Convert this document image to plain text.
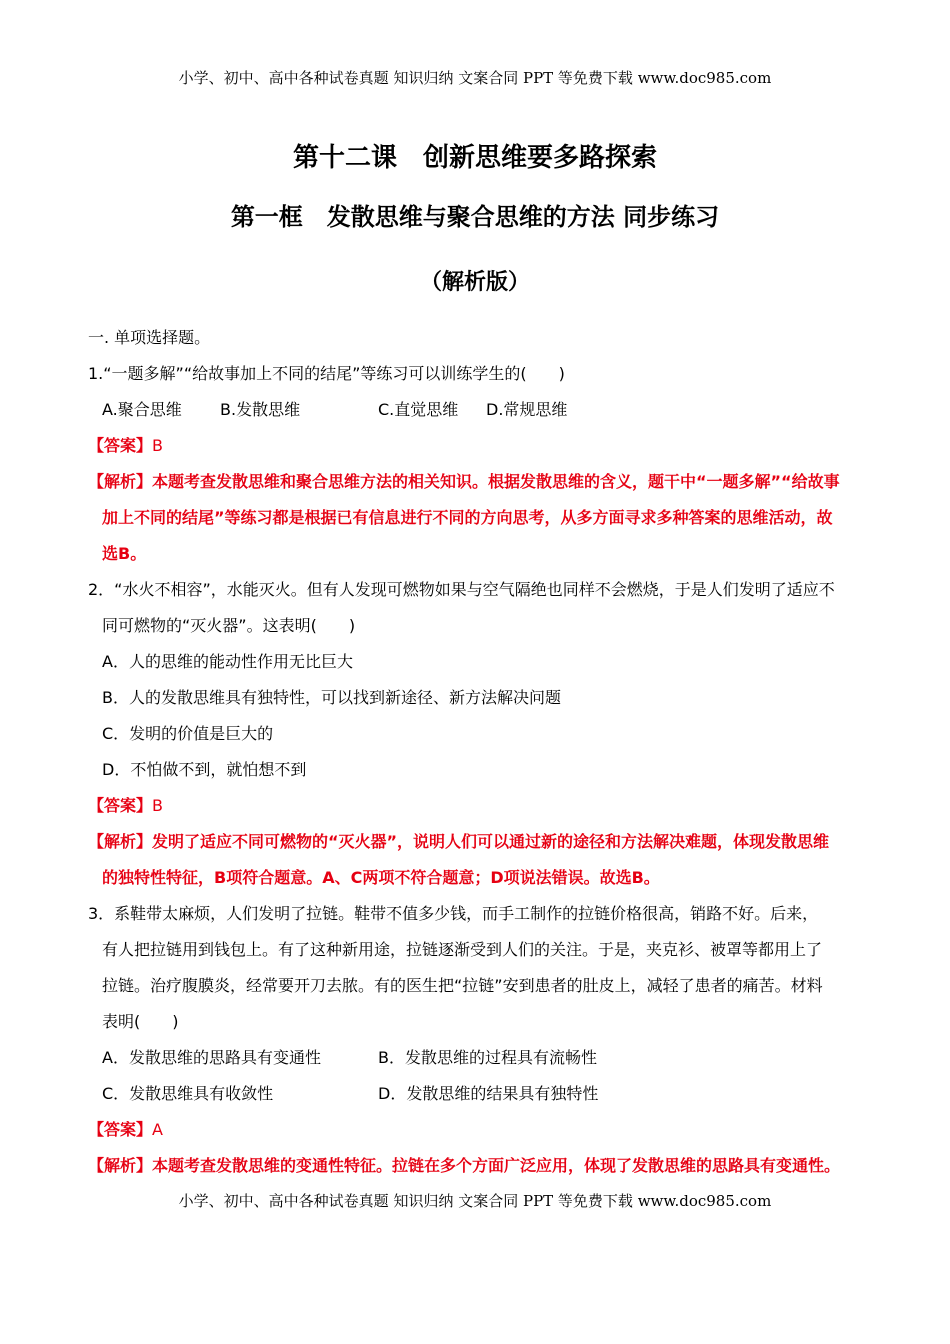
小学、初中、高中各种试卷真题 知识归纳 文案合同 PPT 等免费下载 www.doc985.com
第十二课　创新思维要多路探索
第一框　发散思维与聚合思维的方法 同步练习
（解析版）
一. 单项选择题。
1.“一题多解”“给故事加上不同的结尾”等练习可以训练学生的(　　)
A.聚合思维	B.发散思维	C.直觉思维	D.常规思维
【答案】B
【解析】本题考查发散思维和聚合思维方法的相关知识。根据发散思维的含义，题干中“一题多解”“给故事
加上不同的结尾”等练习都是根据已有信息进行不同的方向思考，从多方面寻求多种答案的思维活动，故
选B。
2．“水火不相容”，水能灭火。但有人发现可燃物如果与空气隔绝也同样不会燃烧，于是人们发明了适应不
同可燃物的“灭火器”。这表明(　　)
A．人的思维的能动性作用无比巨大
B．人的发散思维具有独特性，可以找到新途径、新方法解决问题
C．发明的价值是巨大的
D．不怕做不到，就怕想不到
【答案】B
【解析】发明了适应不同可燃物的“灭火器”，说明人们可以通过新的途径和方法解决难题，体现发散思维
的独特性特征，B项符合题意。A、C两项不符合题意；D项说法错误。故选B。
3．系鞋带太麻烦，人们发明了拉链。鞋带不值多少钱，而手工制作的拉链价格很高，销路不好。后来，
有人把拉链用到钱包上。有了这种新用途，拉链逐渐受到人们的关注。于是，夹克衫、被罩等都用上了
拉链。治疗腹膜炎，经常要开刀去脓。有的医生把“拉链”安到患者的肚皮上，减轻了患者的痛苦。材料
表明(　　)
A．发散思维的思路具有变通性	B．发散思维的过程具有流畅性
C．发散思维具有收敛性	D．发散思维的结果具有独特性
【答案】A
【解析】本题考查发散思维的变通性特征。拉链在多个方面广泛应用，体现了发散思维的思路具有变通性。
小学、初中、高中各种试卷真题 知识归纳 文案合同 PPT 等免费下载 www.doc985.com
